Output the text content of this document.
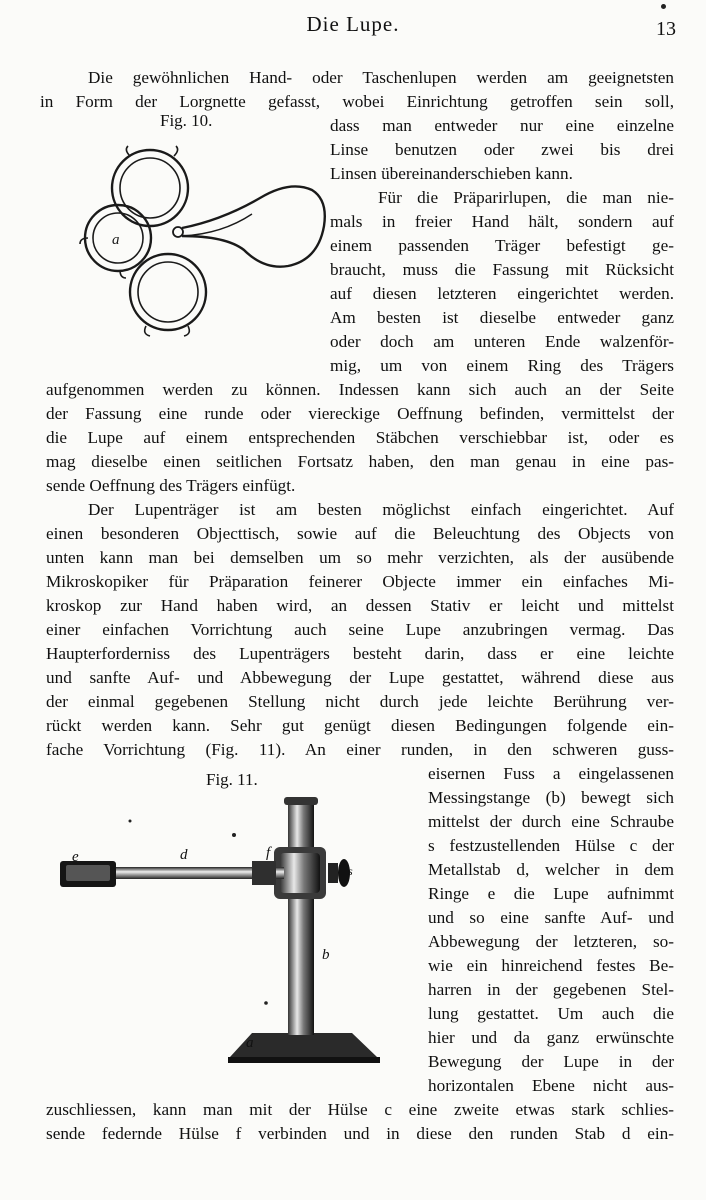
Die Lupe.	13
Fig. 10.
a
Die gewöhnlichen Hand- oder Taschenlupen werden am geeignetsten
in Form der Lorgnette gefasst, wobei Einrichtung getroffen sein soll,
dass man entweder nur eine einzelne
Linse benutzen oder zwei bis drei
Linsen übereinanderschieben kann.
Für die Präparirlupen, die man nie-
mals in freier Hand hält, sondern auf
einem passenden Träger befestigt ge-
braucht, muss die Fassung mit Rücksicht
auf diesen letzteren eingerichtet werden.
Am besten ist dieselbe entweder ganz
oder doch am unteren Ende walzenför-
mig, um von einem Ring des Trägers
aufgenommen werden zu können. Indessen kann sich auch an der Seite
der Fassung eine runde oder viereckige Oeffnung befinden, vermittelst der
die Lupe auf einem entsprechenden Stäbchen verschiebbar ist, oder es
mag dieselbe einen seitlichen Fortsatz haben, den man genau in eine pas-
sende Oeffnung des Trägers einfügt.
Der Lupenträger ist am besten möglichst einfach eingerichtet. Auf
einen besonderen Objecttisch, sowie auf die Beleuchtung des Objects von
unten kann man bei demselben um so mehr verzichten, als der ausübende
Mikroskopiker für Präparation feinerer Objecte immer ein einfaches Mi-
kroskop zur Hand haben wird, an dessen Stativ er leicht und mittelst
einer einfachen Vorrichtung auch seine Lupe anzubringen vermag. Das
Haupterforderniss des Lupenträgers besteht darin, dass er eine leichte
und sanfte Auf- und Abbewegung der Lupe gestattet, während diese aus
der einmal gegebenen Stellung nicht durch jede leichte Berührung ver-
rückt werden kann. Sehr gut genügt diesen Bedingungen folgende ein-
fache Vorrichtung (Fig. 11). An einer runden, in den schweren guss-
eisernen Fuss a eingelassenen
Messingstange (b) bewegt sich
mittelst der durch eine Schraube
s festzustellenden Hülse c der
Metallstab d, welcher in dem
Ringe e die Lupe aufnimmt
und so eine sanfte Auf- und
Abbewegung der letzteren, so-
wie ein hinreichend festes Be-
harren in der gegebenen Stel-
lung gestattet. Um auch die
hier und da ganz erwünschte
Bewegung der Lupe in der
horizontalen Ebene nicht aus-
zuschliessen, kann man mit der Hülse c eine zweite etwas stark schlies-
sende federnde Hülse f verbinden und in diese den runden Stab d ein-
Fig. 11.
e	d	f
s
b
a
